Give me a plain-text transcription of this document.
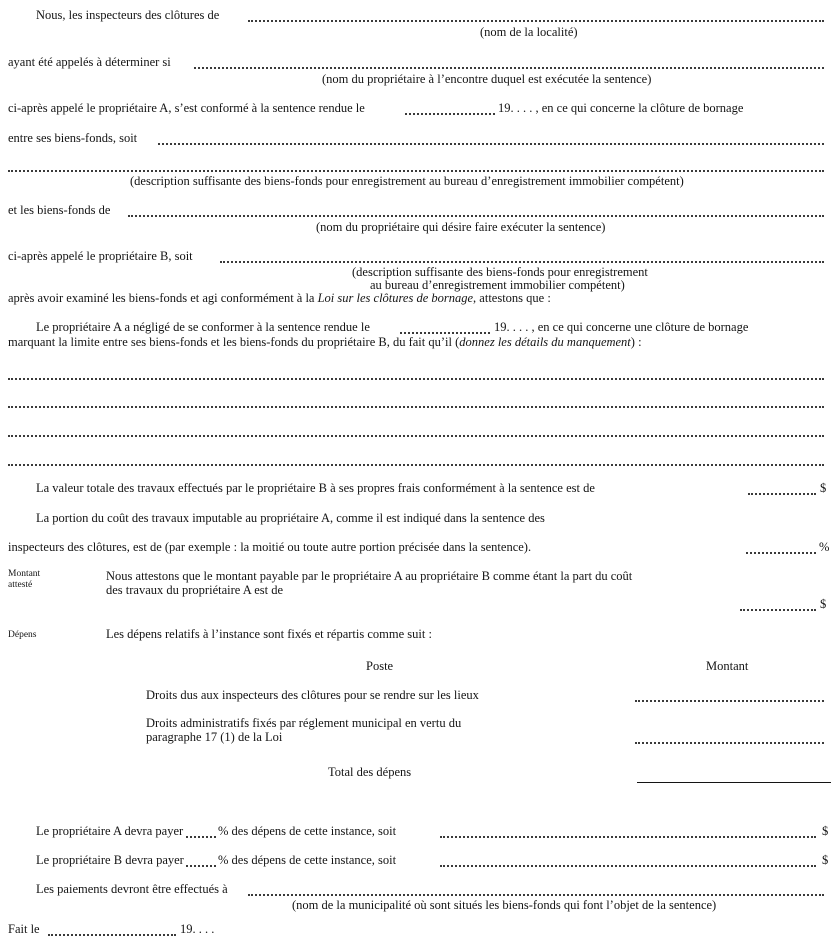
Nous, les inspecteurs des clôtures de
(nom de la localité)
ayant été appelés à déterminer si
(nom du propriétaire à l’encontre duquel est exécutée la sentence)
ci-après appelé le propriétaire A, s’est conformé à la sentence rendue le	19. . . . , en ce qui concerne la clôture de bornage
entre ses biens-fonds, soit
(description suffisante des biens-fonds pour enregistrement au bureau d’enregistrement immobilier compétent)
et les biens-fonds de
(nom du propriétaire qui désire faire exécuter la sentence)
ci-après appelé le propriétaire B, soit
(description suffisante des biens-fonds pour enregistrement
au bureau d’enregistrement immobilier compétent)
après avoir examiné les biens-fonds et agi conformément à la Loi sur les clôtures de bornage, attestons que :
Le propriétaire A a négligé de se conformer à la sentence rendue le	19. . . . , en ce qui concerne une clôture de bornage
marquant la limite entre ses biens-fonds et les biens-fonds du propriétaire B, du fait qu’il (donnez les détails du manquement) :
La valeur totale des travaux effectués par le propriétaire B à ses propres frais conformément à la sentence est de	$
La portion du coût des travaux imputable au propriétaire A, comme il est indiqué dans la sentence des
inspecteurs des clôtures, est de (par exemple : la moitié ou toute autre portion précisée dans la sentence).	%
Montant
attesté
Nous attestons que le montant payable par le propriétaire A au propriétaire B comme étant la part du coût
des travaux du propriétaire A est de
$
Dépens	Les dépens relatifs à l’instance sont fixés et répartis comme suit :
Poste	Montant
Droits dus aux inspecteurs des clôtures pour se rendre sur les lieux
Droits administratifs fixés par réglement municipal en vertu du
paragraphe 17 (1) de la Loi
Total des dépens
Le propriétaire A devra payer	% des dépens de cette instance, soit	$
Le propriétaire B devra payer	% des dépens de cette instance, soit	$
Les paiements devront être effectués à
(nom de la municipalité où sont situés les biens-fonds qui font l’objet de la sentence)
Fait le	19. . . .
